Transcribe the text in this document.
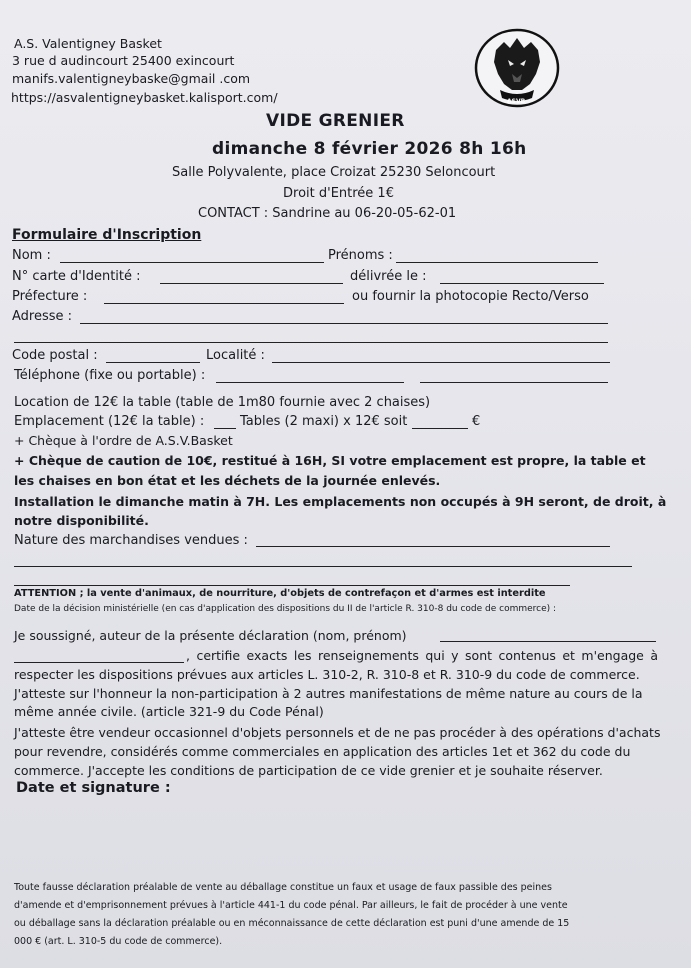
A.S. Valentigney Basket
3 rue d audincourt 25400 exincourt
manifs.valentigneybaske@gmail .com
https://asvalentigneybasket.kalisport.com/	ASVB
VIDE GRENIER
dimanche 8 février 2026 8h 16h
Salle Polyvalente, place Croizat 25230 Seloncourt
Droit d'Entrée 1€
CONTACT : Sandrine au 06-20-05-62-01
Formulaire d'Inscription
Nom :	Prénoms :
N° carte d'Identité :	délivrée le :
Préfecture :	ou fournir la photocopie Recto/Verso
Adresse :
Code postal :	Localité :
Téléphone (fixe ou portable) :
Location de 12€ la table (table de 1m80 fournie avec 2 chaises)
Emplacement (12€ la table) :	Tables (2 maxi) x 12€ soit	€
+ Chèque à l'ordre de A.S.V.Basket
+ Chèque de caution de 10€, restitué à 16H, SI votre emplacement est propre, la table et
les chaises en bon état et les déchets de la journée enlevés.
Installation le dimanche matin à 7H. Les emplacements non occupés à 9H seront, de droit, à
notre disponibilité.
Nature des marchandises vendues :
ATTENTION ; la vente d'animaux, de nourriture, d'objets de contrefaçon et d'armes est interdite
Date de la décision ministérielle (en cas d'application des dispositions du II de l'article R. 310-8 du code de commerce) :
Je soussigné, auteur de la présente déclaration (nom, prénom)
, certifie exacts les renseignements qui y sont contenus et m'engage à
respecter les dispositions prévues aux articles L. 310-2, R. 310-8 et R. 310-9 du code de commerce.
J'atteste sur l'honneur la non-participation à 2 autres manifestations de même nature au cours de la
même année civile. (article 321-9 du Code Pénal)
J'atteste être vendeur occasionnel d'objets personnels et de ne pas procéder à des opérations d'achats
pour revendre, considérés comme commerciales en application des articles 1et et 362 du code du
commerce. J'accepte les conditions de participation de ce vide grenier et je souhaite réserver.
Date et signature :
Toute fausse déclaration préalable de vente au déballage constitue un faux et usage de faux passible des peines
d'amende et d'emprisonnement prévues à l'article 441-1 du code pénal. Par ailleurs, le fait de procéder à une vente
ou déballage sans la déclaration préalable ou en méconnaissance de cette déclaration est puni d'une amende de 15
000 € (art. L. 310-5 du code de commerce).
